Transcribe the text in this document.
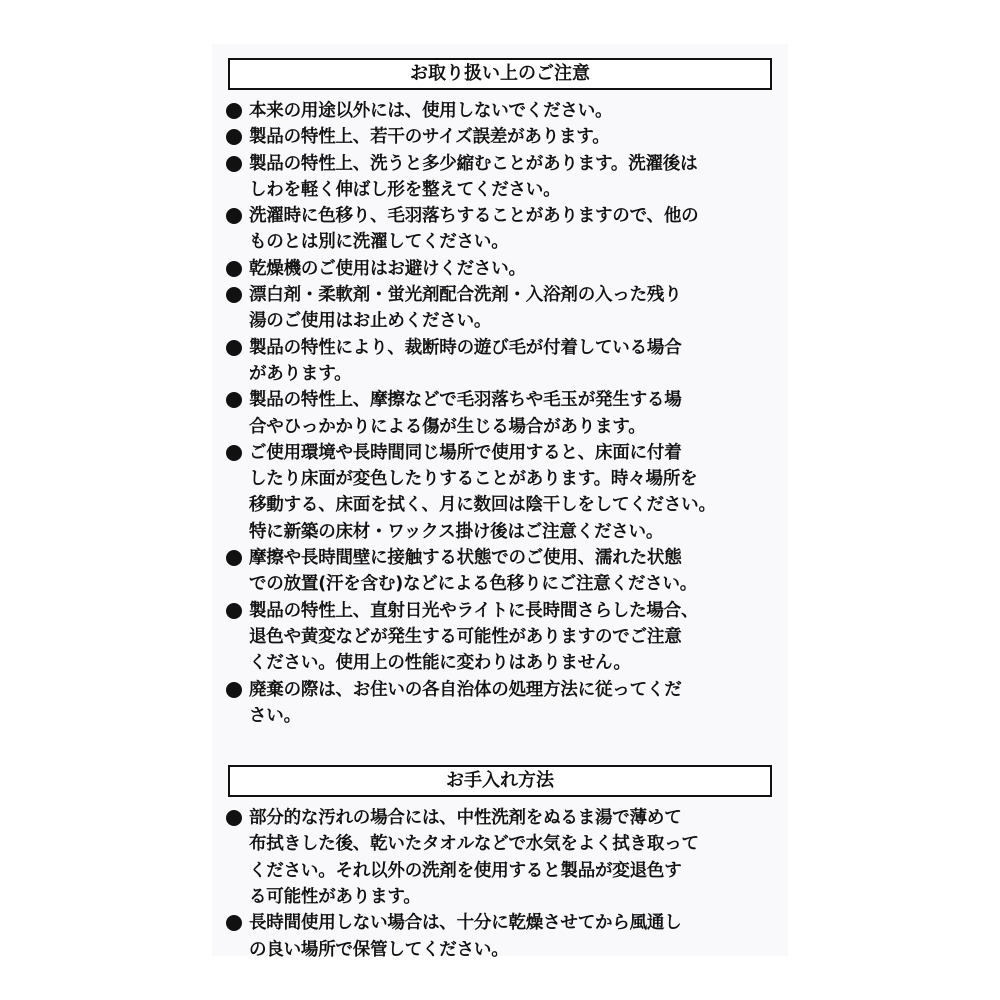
お取り扱い上のご注意
本来の用途以外には、使用しないでください。
製品の特性上、若干のサイズ誤差があります。
製品の特性上、洗うと多少縮むことがあります。洗濯後は
しわを軽く伸ばし形を整えてください。
洗濯時に色移り、毛羽落ちすることがありますので、他の
ものとは別に洗濯してください。
乾燥機のご使用はお避けください。
漂白剤・柔軟剤・蛍光剤配合洗剤・入浴剤の入った残り
湯のご使用はお止めください。
製品の特性により、裁断時の遊び毛が付着している場合
があります。
製品の特性上、摩擦などで毛羽落ちや毛玉が発生する場
合やひっかかりによる傷が生じる場合があります。
ご使用環境や長時間同じ場所で使用すると、床面に付着
したり床面が変色したりすることがあります。時々場所を
移動する、床面を拭く、月に数回は陰干しをしてください。
特に新築の床材・ワックス掛け後はご注意ください。
摩擦や長時間壁に接触する状態でのご使用、濡れた状態
での放置(汗を含む)などによる色移りにご注意ください。
製品の特性上、直射日光やライトに長時間さらした場合、
退色や黄変などが発生する可能性がありますのでご注意
ください。使用上の性能に変わりはありません。
廃棄の際は、お住いの各自治体の処理方法に従ってくだ
さい。
お手入れ方法
部分的な汚れの場合には、中性洗剤をぬるま湯で薄めて
布拭きした後、乾いたタオルなどで水気をよく拭き取って
ください。それ以外の洗剤を使用すると製品が変退色す
る可能性があります。
長時間使用しない場合は、十分に乾燥させてから風通し
の良い場所で保管してください。
